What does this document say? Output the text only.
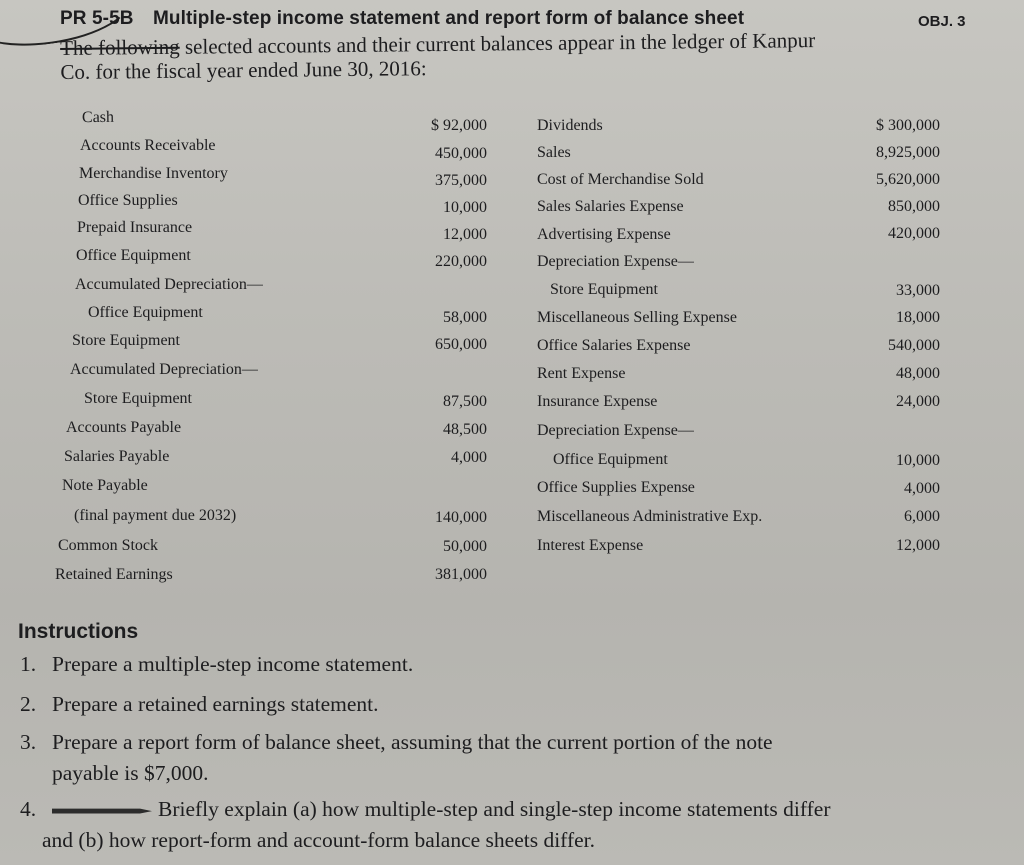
PR 5-5B Multiple-step income statement and report form of balance sheet	OBJ. 3
The following selected accounts and their current balances appear in the ledger of Kanpur
Co. for the fiscal year ended June 30, 2016:
Cash
Accounts Receivable
Merchandise Inventory
Office Supplies
Prepaid Insurance
Office Equipment
Accumulated Depreciation—
Office Equipment
Store Equipment
Accumulated Depreciation—
Store Equipment
Accounts Payable
Salaries Payable
Note Payable
(final payment due 2032)
Common Stock
Retained Earnings
$ 92,000
450,000
375,000
10,000
12,000
220,000
58,000
650,000
87,500
48,500
4,000
140,000
50,000
381,000
Dividends
Sales
Cost of Merchandise Sold
Sales Salaries Expense
Advertising Expense
Depreciation Expense—
Store Equipment
Miscellaneous Selling Expense
Office Salaries Expense
Rent Expense
Insurance Expense
Depreciation Expense—
Office Equipment
Office Supplies Expense
Miscellaneous Administrative Exp.
Interest Expense
$ 300,000
8,925,000
5,620,000
850,000
420,000
33,000
18,000
540,000
48,000
24,000
10,000
4,000
6,000
12,000
Instructions
1. Prepare a multiple-step income statement.
2. Prepare a retained earnings statement.
3. Prepare a report form of balance sheet, assuming that the current portion of the note
payable is $7,000.
4.	Briefly explain (a) how multiple-step and single-step income statements differ
and (b) how report-form and account-form balance sheets differ.
